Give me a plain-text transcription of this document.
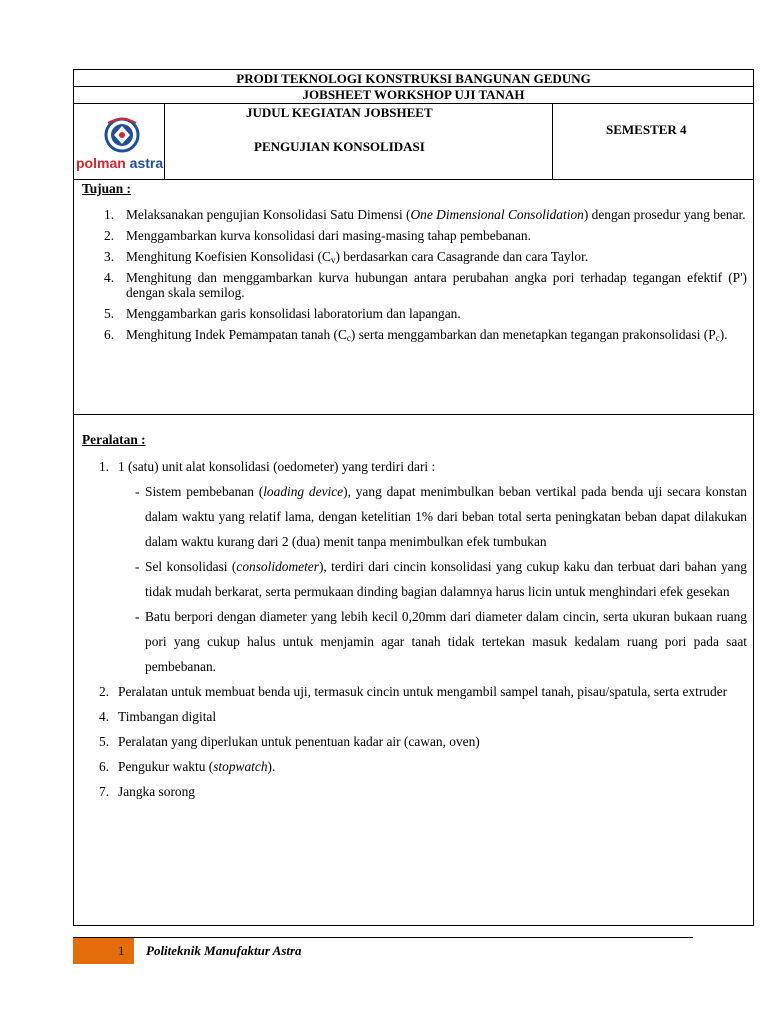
PRODI TEKNOLOGI KONSTRUKSI BANGUNAN GEDUNG
JOBSHEET WORKSHOP UJI TANAH
polman astra
JUDUL KEGIATAN JOBSHEET
PENGUJIAN KONSOLIDASI
SEMESTER 4
Tujuan :
1. Melaksanakan pengujian Konsolidasi Satu Dimensi (One Dimensional Consolidation) dengan prosedur yang benar.
2. Menggambarkan kurva konsolidasi dari masing-masing tahap pembebanan.
3. Menghitung Koefisien Konsolidasi $(C_v)$ berdasarkan cara Casagrande dan cara Taylor.
4. Menghitung dan menggambarkan kurva hubungan antara perubahan angka pori terhadap tegangan efektif (P') dengan skala semilog.
5. Menggambarkan garis konsolidasi laboratorium dan lapangan.
6. Menghitung Indek Pemampatan tanah $(C_c)$ serta menggambarkan dan menetapkan tegangan prakonsolidasi $(P_c)$.
Peralatan :
1. 1 (satu) unit alat konsolidasi (oedometer) yang terdiri dari :
- Sistem pembebanan (loading device), yang dapat menimbulkan beban vertikal pada benda uji secara konstan dalam waktu yang relatif lama, dengan ketelitian 1% dari beban total serta peningkatan beban dapat dilakukan dalam waktu kurang dari 2 (dua) menit tanpa menimbulkan efek tumbukan
- Sel konsolidasi (consolidometer), terdiri dari cincin konsolidasi yang cukup kaku dan terbuat dari bahan yang tidak mudah berkarat, serta permukaan dinding bagian dalamnya harus licin untuk menghindari efek gesekan
- Batu berpori dengan diameter yang lebih kecil 0,20mm dari diameter dalam cincin, serta ukuran bukaan ruang pori yang cukup halus untuk menjamin agar tanah tidak tertekan masuk kedalam ruang pori pada saat pembebanan.
2. Peralatan untuk membuat benda uji, termasuk cincin untuk mengambil sampel tanah, pisau/spatula, serta extruder
4. Timbangan digital
5. Peralatan yang diperlukan untuk penentuan kadar air (cawan, oven)
6. Pengukur waktu (stopwatch).
7. Jangka sorong
1 Politeknik Manufaktur Astra
